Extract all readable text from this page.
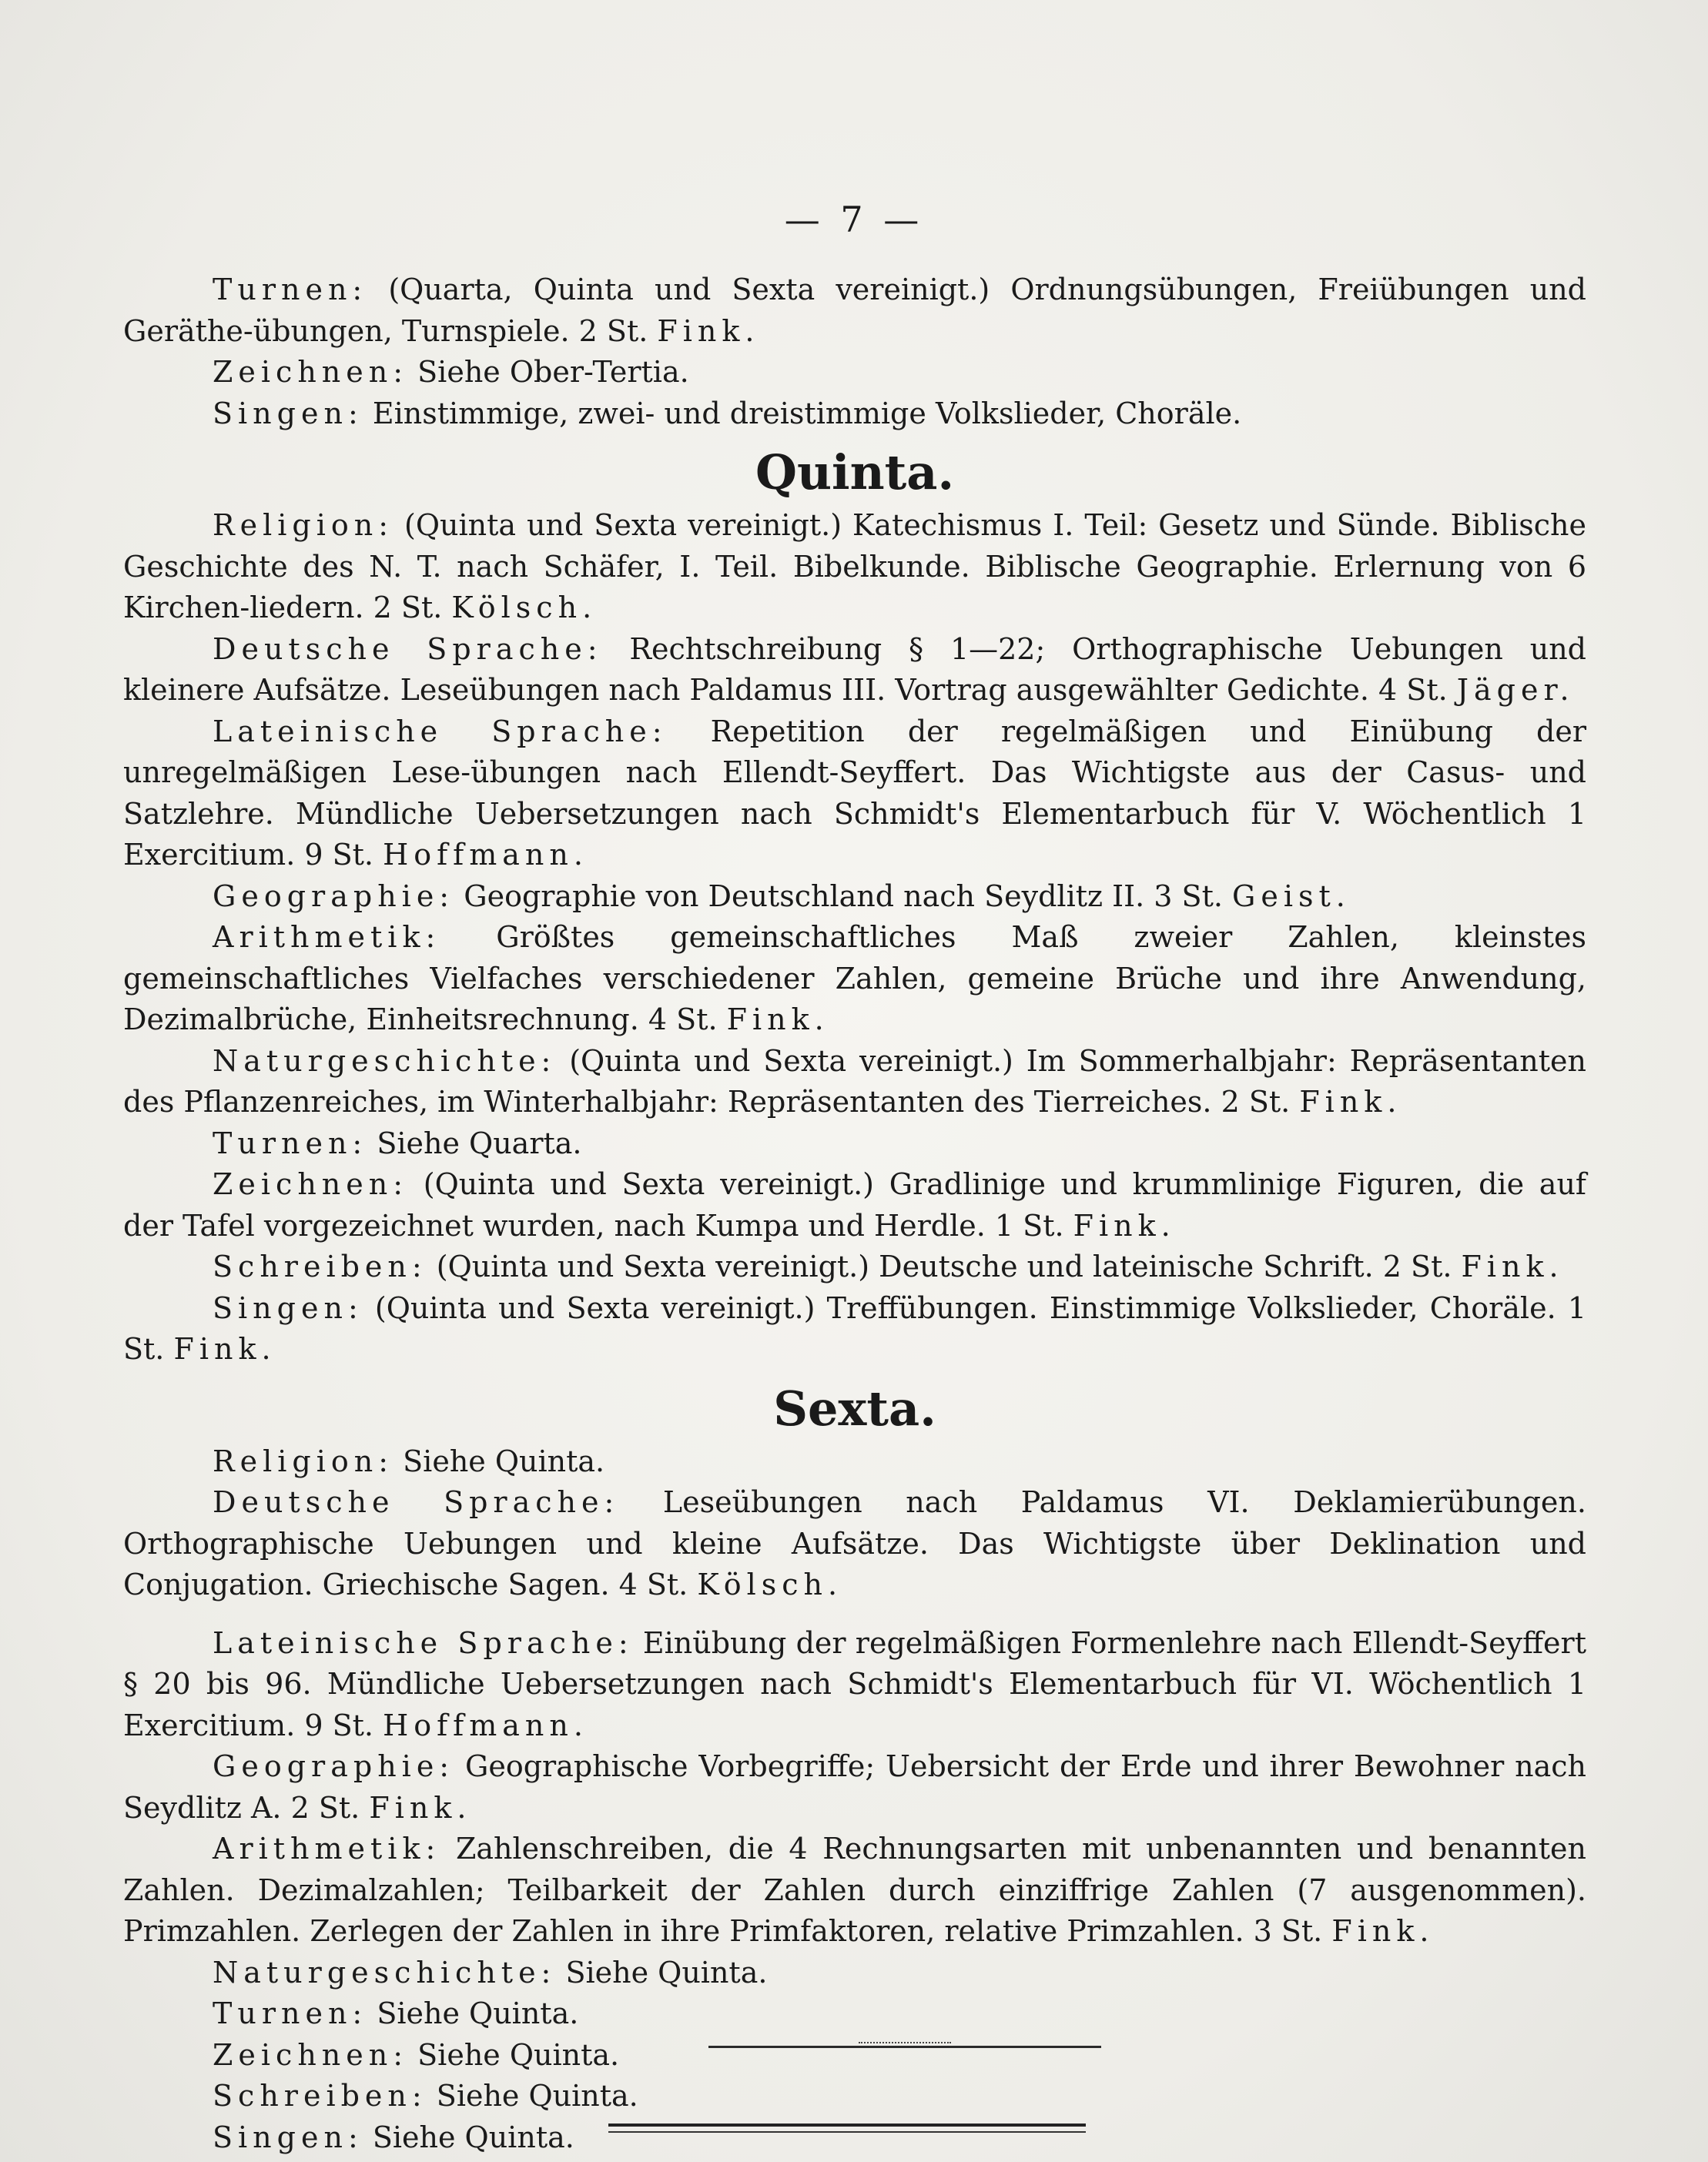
— 7 —

Turnen: (Quarta, Quinta und Sexta vereinigt.) Ordnungsübungen, Freiübungen und Geräthe-übungen, Turnspiele. 2 St. Fink.

Zeichnen: Siehe Ober-Tertia.

Singen: Einstimmige, zwei- und dreistimmige Volkslieder, Choräle.

Quinta.

Religion: (Quinta und Sexta vereinigt.) Katechismus I. Teil: Gesetz und Sünde. Biblische Geschichte des N. T. nach Schäfer, I. Teil. Bibelkunde. Biblische Geographie. Erlernung von 6 Kirchen-liedern. 2 St. Kölsch.

Deutsche Sprache: Rechtschreibung § 1—22; Orthographische Uebungen und kleinere Aufsätze. Leseübungen nach Paldamus III. Vortrag ausgewählter Gedichte. 4 St. Jäger.

Lateinische Sprache: Repetition der regelmäßigen und Einübung der unregelmäßigen Lese-übungen nach Ellendt-Seyffert. Das Wichtigste aus der Casus- und Satzlehre. Mündliche Uebersetzungen nach Schmidt's Elementarbuch für V. Wöchentlich 1 Exercitium. 9 St. Hoffmann.

Geographie: Geographie von Deutschland nach Seydlitz II. 3 St. Geist.

Arithmetik: Größtes gemeinschaftliches Maß zweier Zahlen, kleinstes gemeinschaftliches Vielfaches verschiedener Zahlen, gemeine Brüche und ihre Anwendung, Dezimalbrüche, Einheitsrechnung. 4 St. Fink.

Naturgeschichte: (Quinta und Sexta vereinigt.) Im Sommerhalbjahr: Repräsentanten des Pflanzenreiches, im Winterhalbjahr: Repräsentanten des Tierreiches. 2 St. Fink.

Turnen: Siehe Quarta.

Zeichnen: (Quinta und Sexta vereinigt.) Gradlinige und krummlinige Figuren, die auf der Tafel vorgezeichnet wurden, nach Kumpa und Herdle. 1 St. Fink.

Schreiben: (Quinta und Sexta vereinigt.) Deutsche und lateinische Schrift. 2 St. Fink.

Singen: (Quinta und Sexta vereinigt.) Treffübungen. Einstimmige Volkslieder, Choräle. 1 St. Fink.

Sexta.

Religion: Siehe Quinta.

Deutsche Sprache: Leseübungen nach Paldamus VI. Deklamierübungen. Orthographische Uebungen und kleine Aufsätze. Das Wichtigste über Deklination und Conjugation. Griechische Sagen. 4 St. Kölsch.

Lateinische Sprache: Einübung der regelmäßigen Formenlehre nach Ellendt-Seyffert § 20 bis 96. Mündliche Uebersetzungen nach Schmidt's Elementarbuch für VI. Wöchentlich 1 Exercitium. 9 St. Hoffmann.

Geographie: Geographische Vorbegriffe; Uebersicht der Erde und ihrer Bewohner nach Seydlitz A. 2 St. Fink.

Arithmetik: Zahlenschreiben, die 4 Rechnungsarten mit unbenannten und benannten Zahlen. Dezimalzahlen; Teilbarkeit der Zahlen durch einziffrige Zahlen (7 ausgenommen). Primzahlen. Zerlegen der Zahlen in ihre Primfaktoren, relative Primzahlen. 3 St. Fink.

Naturgeschichte: Siehe Quinta.

Turnen: Siehe Quinta.

Zeichnen: Siehe Quinta.

Schreiben: Siehe Quinta.

Singen: Siehe Quinta.
